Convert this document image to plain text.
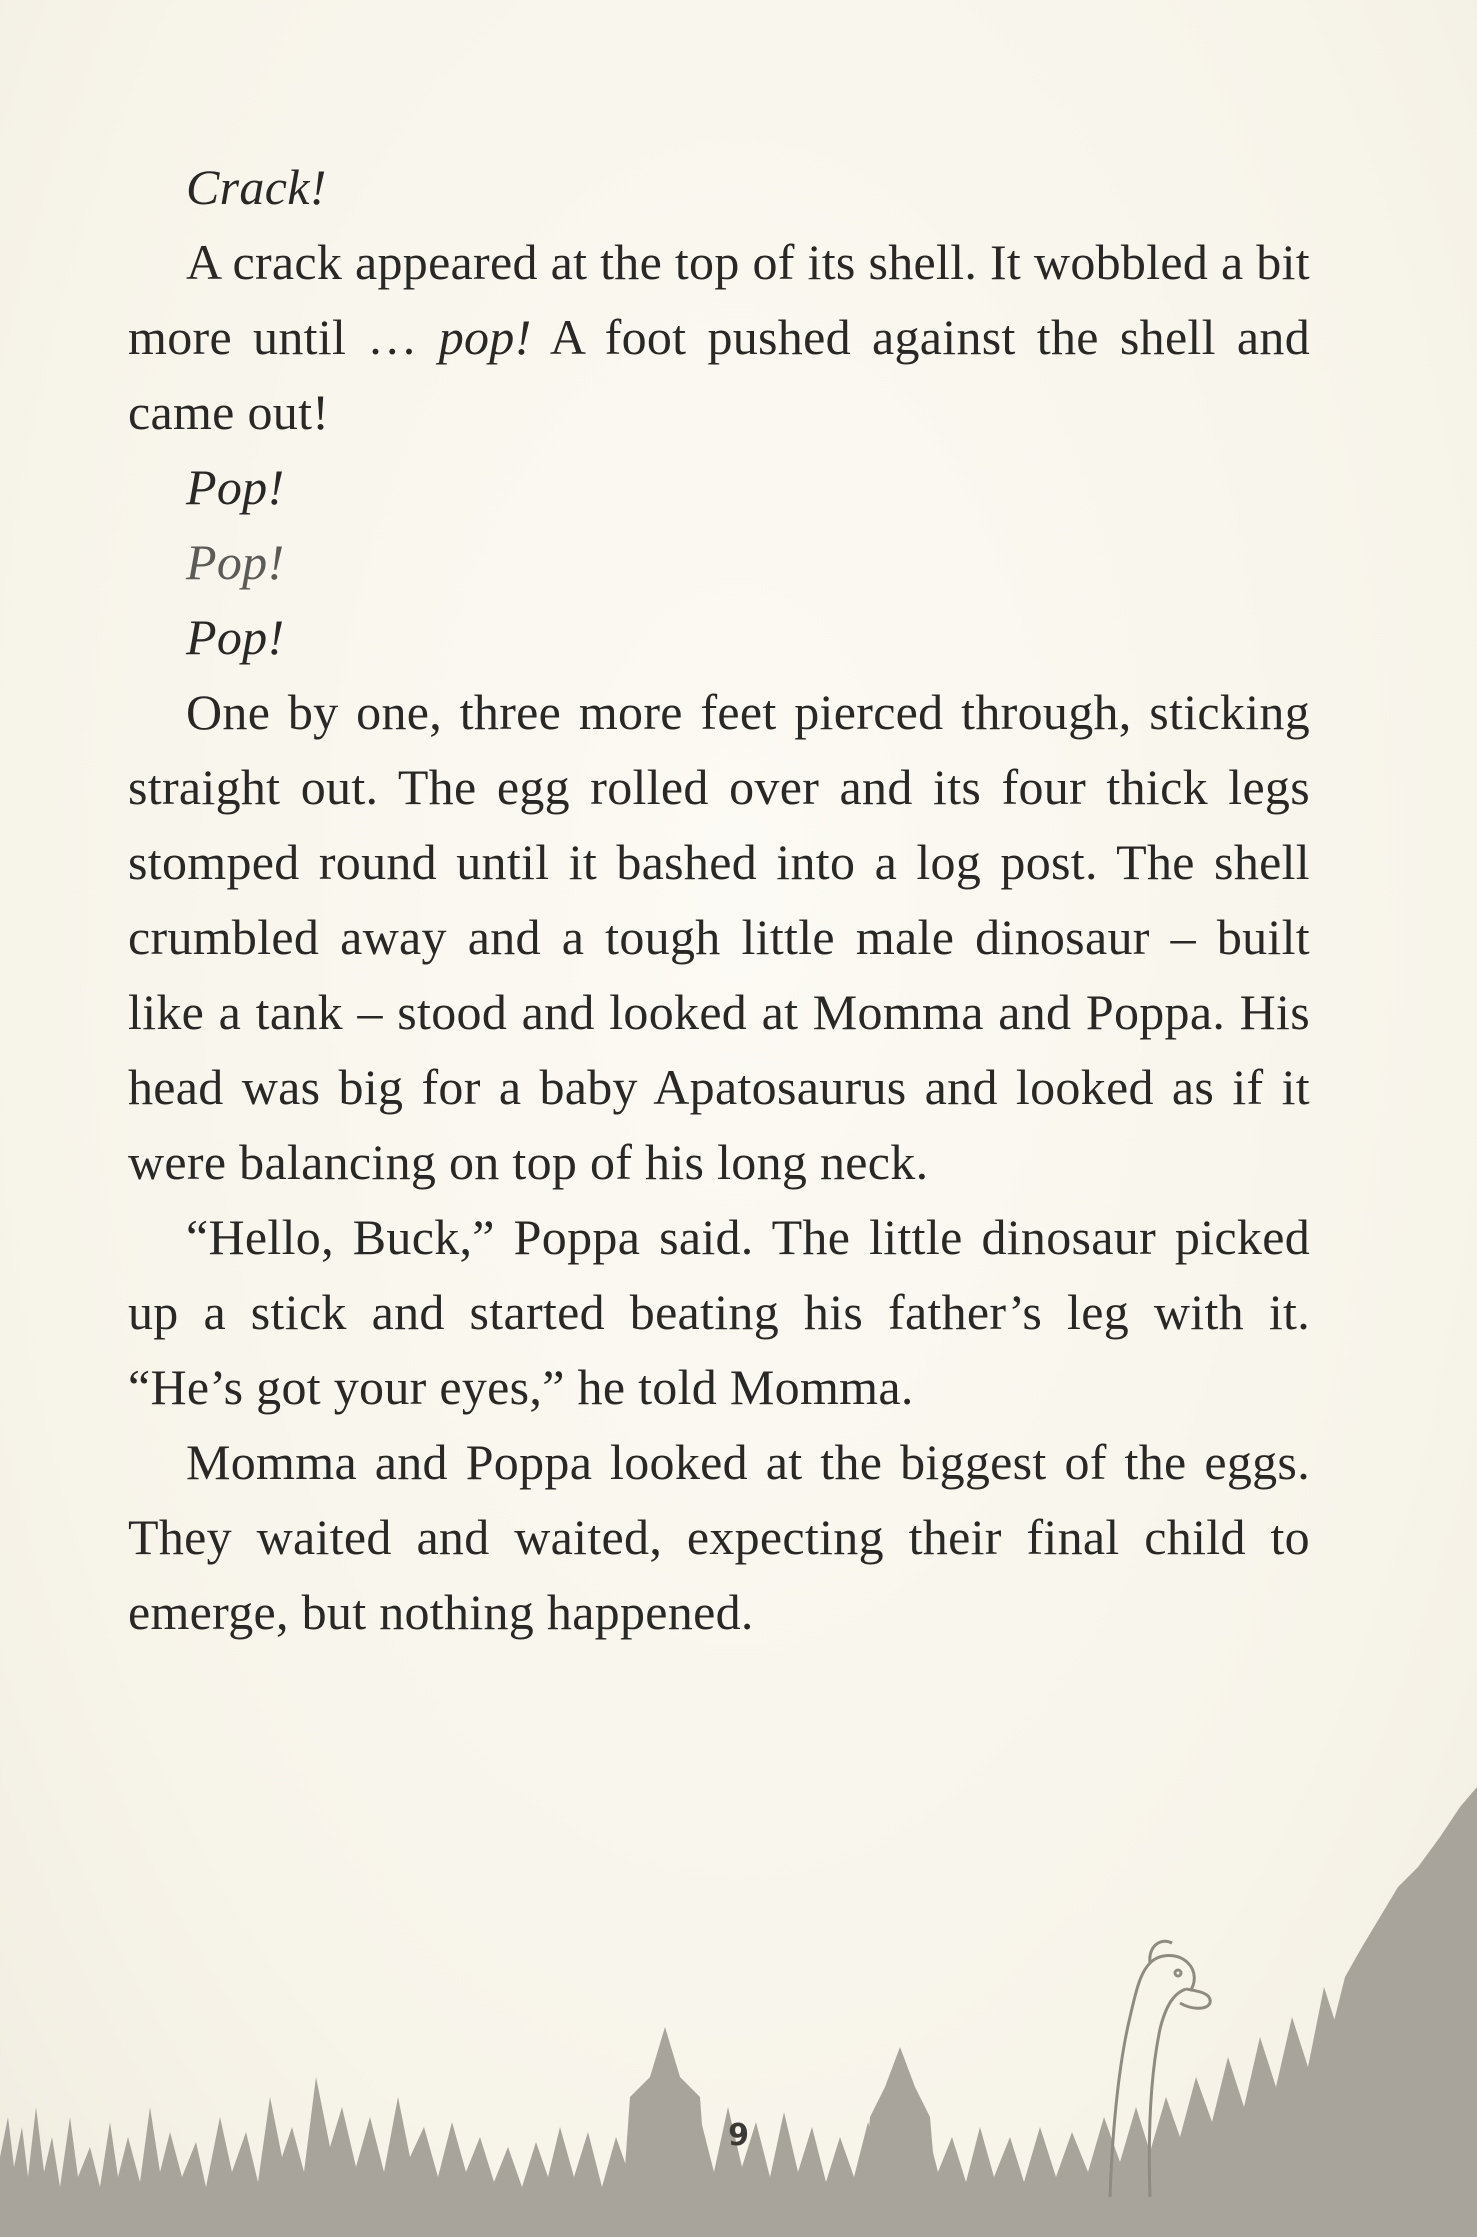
Crack!

A crack appeared at the top of its shell. It wobbled a bit more until … pop! A foot pushed against the shell and came out!

Pop!

Pop!

Pop!

One by one, three more feet pierced through, sticking straight out. The egg rolled over and its four thick legs stomped round until it bashed into a log post. The shell crumbled away and a tough little male dinosaur – built like a tank – stood and looked at Momma and Poppa. His head was big for a baby Apatosaurus and looked as if it were balancing on top of his long neck.

“Hello, Buck,” Poppa said. The little dinosaur picked up a stick and started beating his father’s leg with it. “He’s got your eyes,” he told Momma.

Momma and Poppa looked at the biggest of the eggs. They waited and waited, expecting their final child to emerge, but nothing happened.

9
